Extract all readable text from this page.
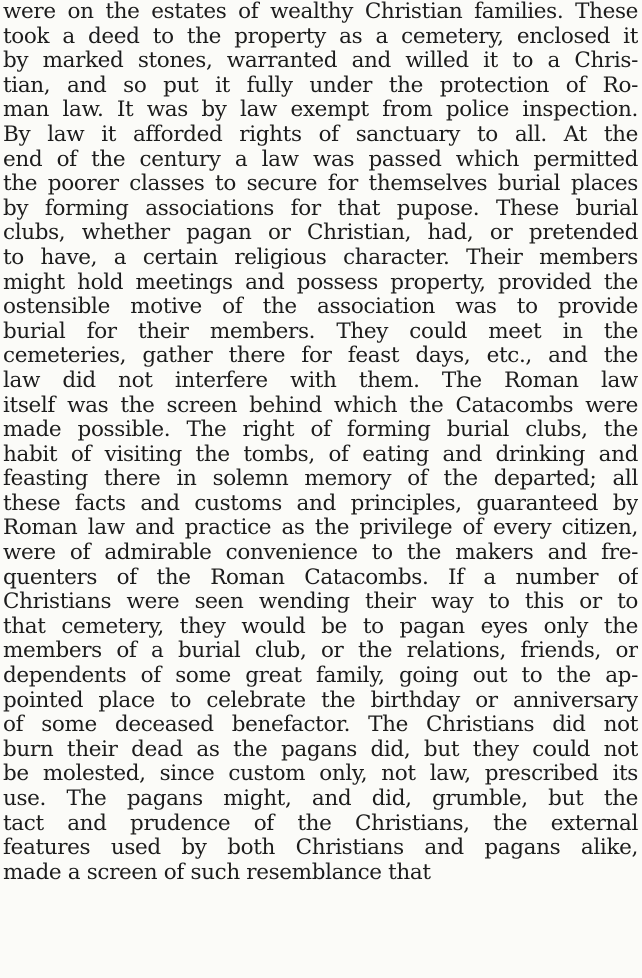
were on the estates of wealthy Christian families. These
took a deed to the property as a cemetery, enclosed it
by marked stones, warranted and willed it to a Chris-
tian, and so put it fully under the protection of Ro-
man law. It was by law exempt from police inspection.
By law it afforded rights of sanctuary to all. At the
end of the century a law was passed which permitted
the poorer classes to secure for themselves burial places
by forming associations for that pupose. These burial
clubs, whether pagan or Christian, had, or pretended
to have, a certain religious character. Their members
might hold meetings and possess property, provided the
ostensible motive of the association was to provide
burial for their members. They could meet in the
cemeteries, gather there for feast days, etc., and the
law did not interfere with them. The Roman law
itself was the screen behind which the Catacombs were
made possible. The right of forming burial clubs, the
habit of visiting the tombs, of eating and drinking and
feasting there in solemn memory of the departed; all
these facts and customs and principles, guaranteed by
Roman law and practice as the privilege of every citizen,
were of admirable convenience to the makers and fre-
quenters of the Roman Catacombs. If a number of
Christians were seen wending their way to this or to
that cemetery, they would be to pagan eyes only the
members of a burial club, or the relations, friends, or
dependents of some great family, going out to the ap-
pointed place to celebrate the birthday or anniversary
of some deceased benefactor. The Christians did not
burn their dead as the pagans did, but they could not
be molested, since custom only, not law, prescribed its
use. The pagans might, and did, grumble, but the
tact and prudence of the Christians, the external
features used by both Christians and pagans alike,
made a screen of such resemblance that
